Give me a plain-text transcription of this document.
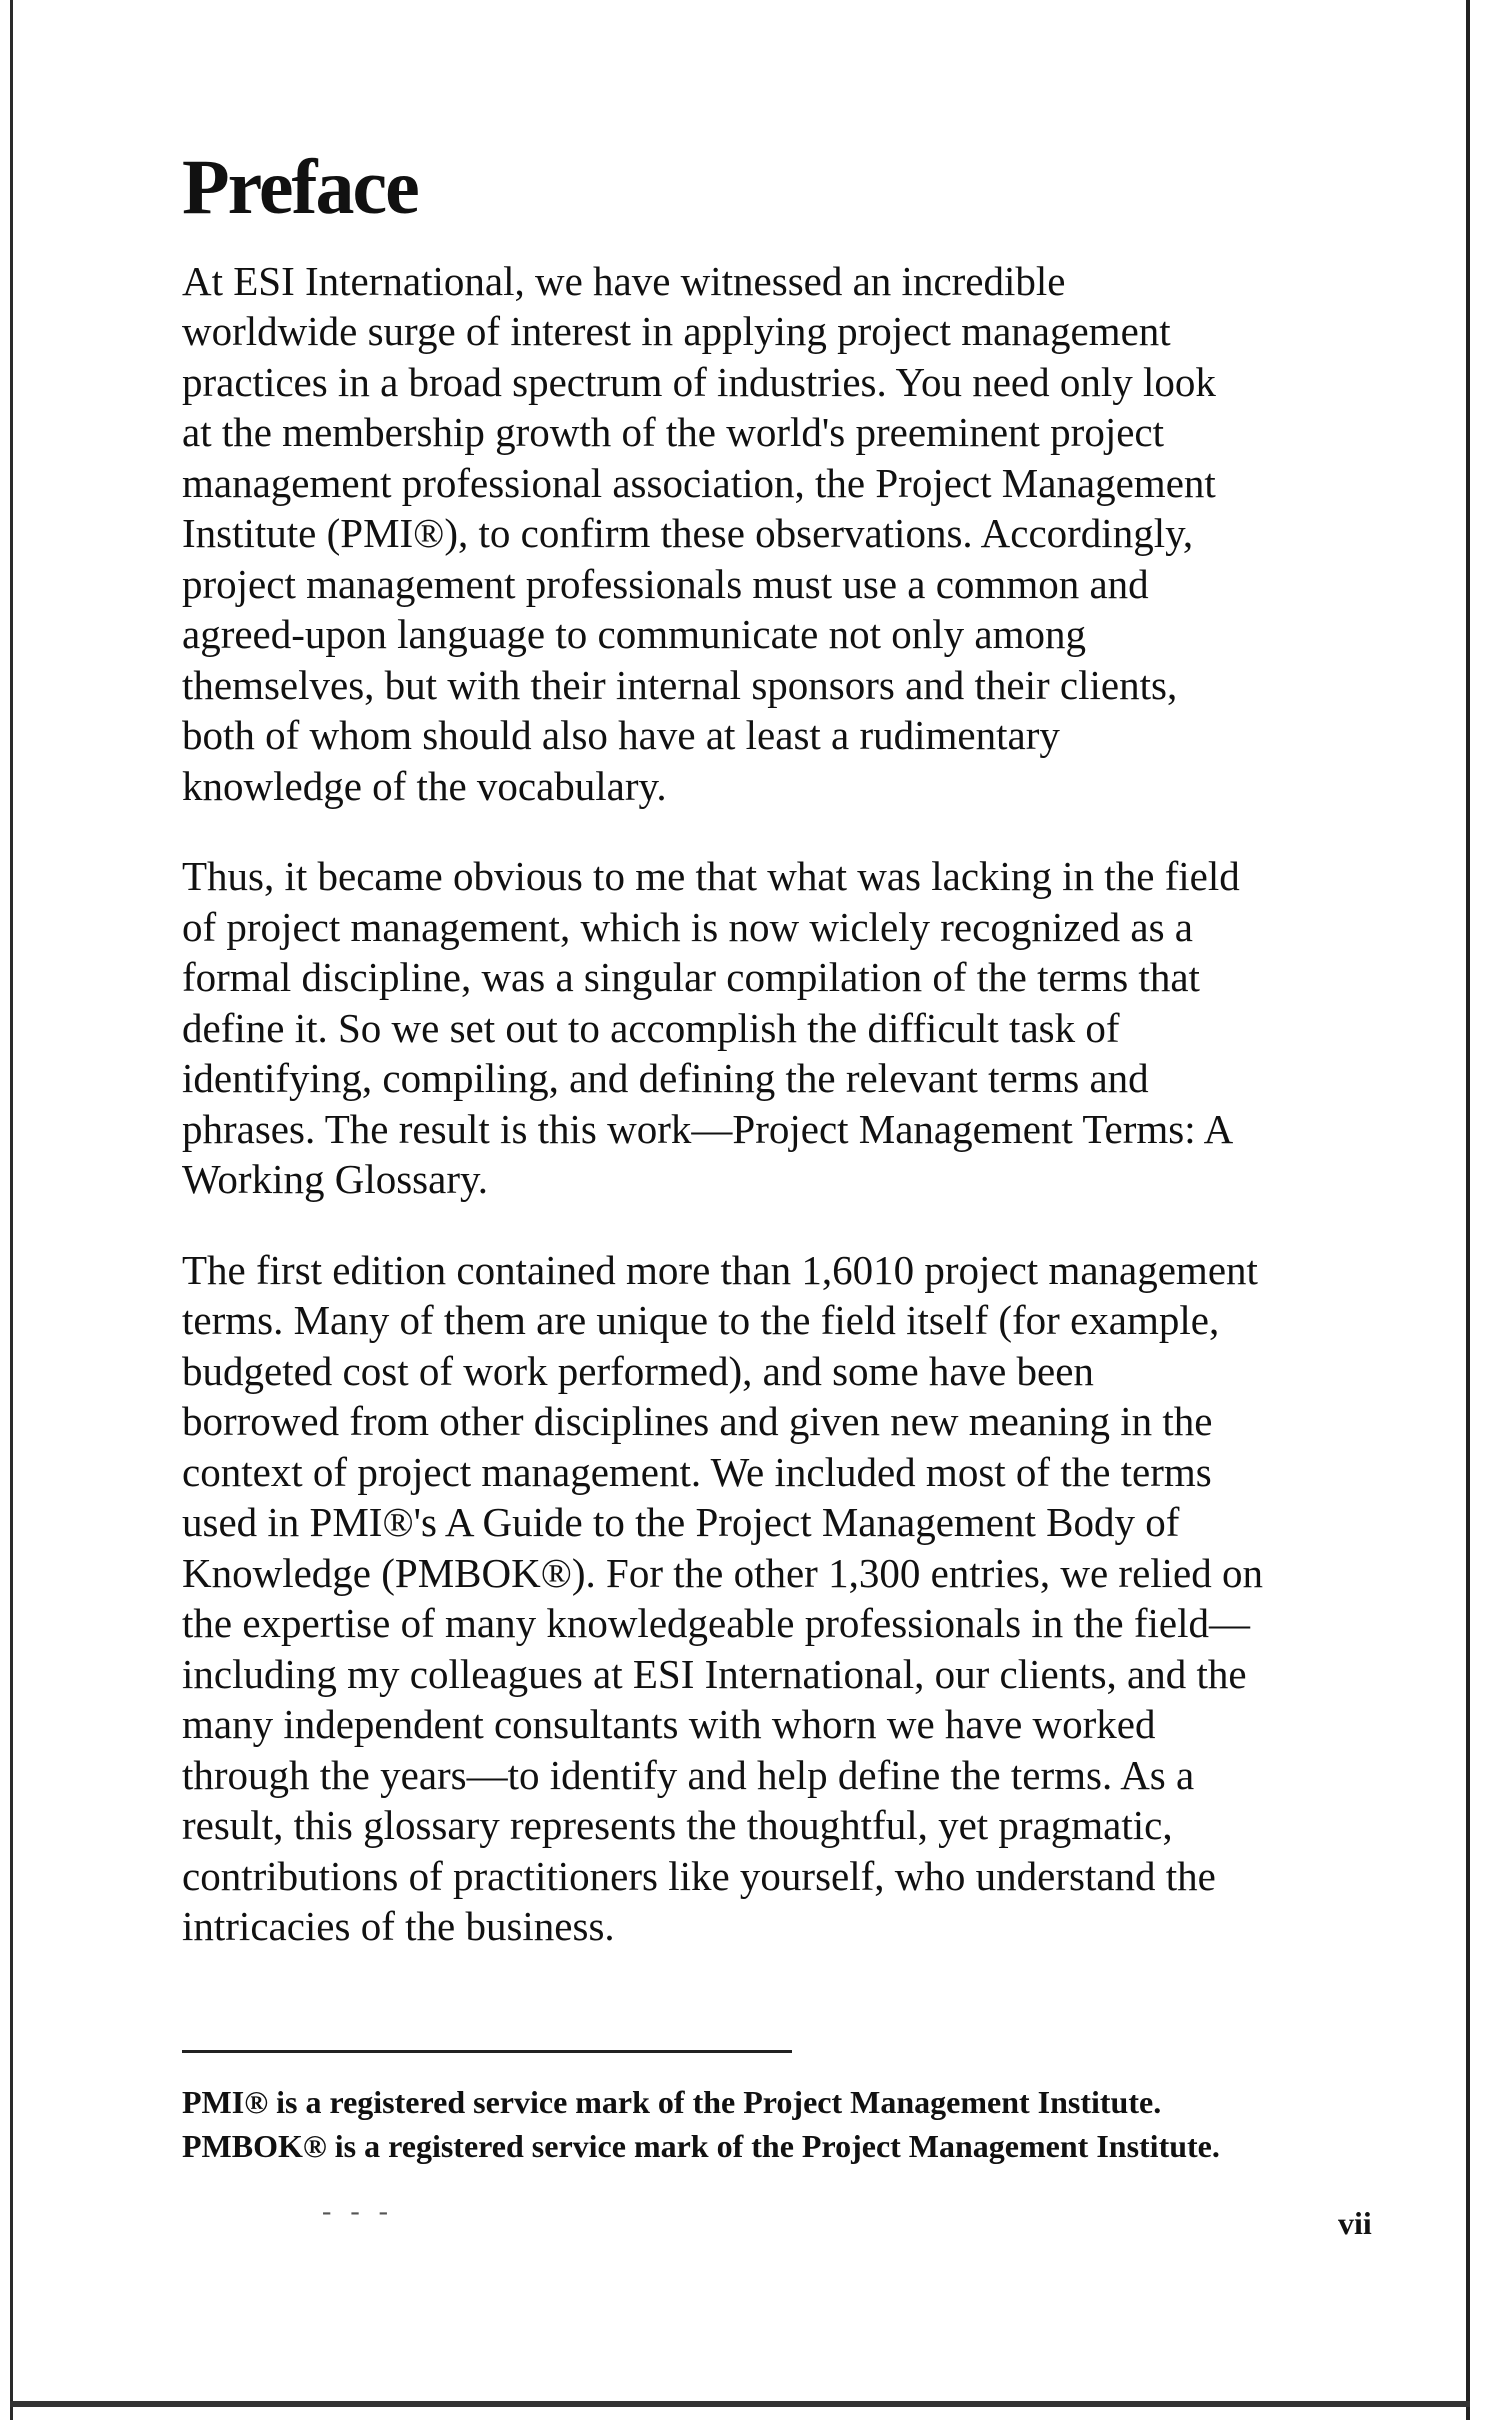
Preface
At ESI International, we have witnessed an incredible
worldwide surge of interest in applying project management
practices in a broad spectrum of industries. You need only look
at the membership growth of the world's preeminent project
management professional association, the Project Management
Institute (PMI®), to confirm these observations. Accordingly,
project management professionals must use a common and
agreed-upon language to communicate not only among
themselves, but with their internal sponsors and their clients,
both of whom should also have at least a rudimentary
knowledge of the vocabulary.
Thus, it became obvious to me that what was lacking in the field
of project management, which is now wiclely recognized as a
formal discipline, was a singular compilation of the terms that
define it. So we set out to accomplish the difficult task of
identifying, compiling, and defining the relevant terms and
phrases. The result is this work—Project Management Terms: A
Working Glossary.
The first edition contained more than 1,6010 project management
terms. Many of them are unique to the field itself (for example,
budgeted cost of work performed), and some have been
borrowed from other disciplines and given new meaning in the
context of project management. We included most of the terms
used in PMI®'s A Guide to the Project Management Body of
Knowledge (PMBOK®). For the other 1,300 entries, we relied on
the expertise of many knowledgeable professionals in the field—
including my colleagues at ESI International, our clients, and the
many independent consultants with whorn we have worked
through the years—to identify and help define the terms. As a
result, this glossary represents the thoughtful, yet pragmatic,
contributions of practitioners like yourself, who understand the
intricacies of the business.
PMI® is a registered service mark of the Project Management Institute.
PMBOK® is a registered service mark of the Project Management Institute.
- - -	vii
